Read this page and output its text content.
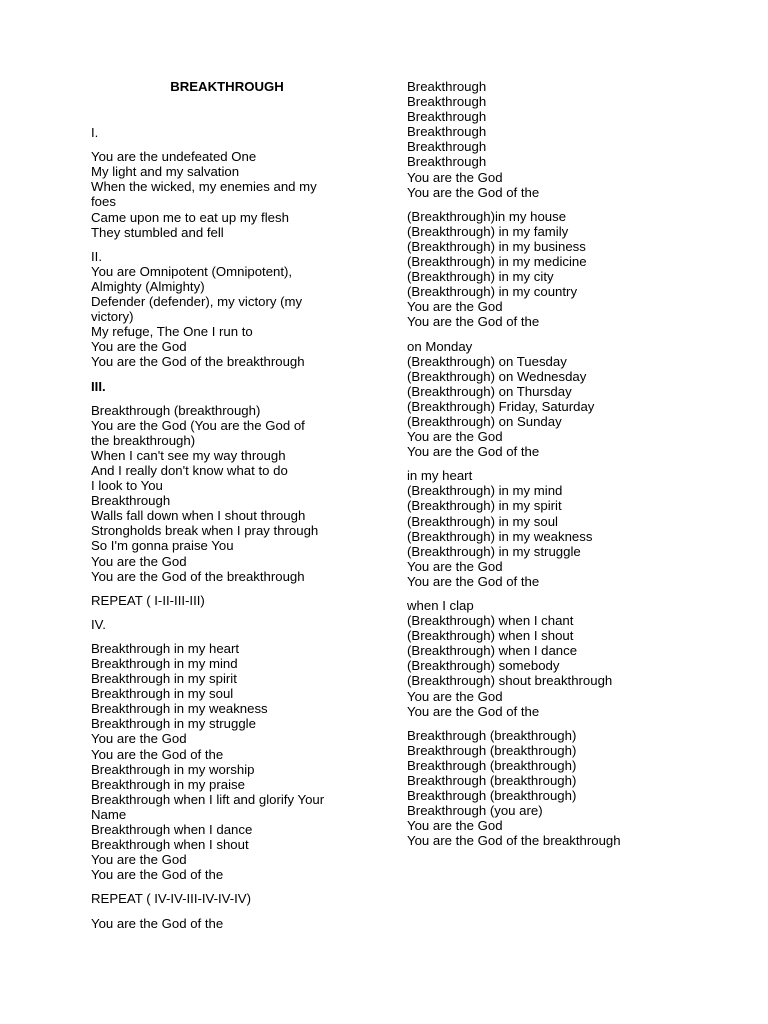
BREAKTHROUGH
I.
You are the undefeated One
My light and my salvation
When the wicked, my enemies and my
foes
Came upon me to eat up my flesh
They stumbled and fell
II.
You are Omnipotent (Omnipotent),
Almighty (Almighty)
Defender (defender), my victory (my
victory)
My refuge, The One I run to
You are the God
You are the God of the breakthrough
III.
Breakthrough (breakthrough)
You are the God (You are the God of
the breakthrough)
When I can't see my way through
And I really don't know what to do
I look to You
Breakthrough
Walls fall down when I shout through
Strongholds break when I pray through
So I'm gonna praise You
You are the God
You are the God of the breakthrough
REPEAT ( I-II-III-III)
IV.
Breakthrough in my heart
Breakthrough in my mind
Breakthrough in my spirit
Breakthrough in my soul
Breakthrough in my weakness
Breakthrough in my struggle
You are the God
You are the God of the
Breakthrough in my worship
Breakthrough in my praise
Breakthrough when I lift and glorify Your
Name
Breakthrough when I dance
Breakthrough when I shout
You are the God
You are the God of the
REPEAT ( IV-IV-III-IV-IV-IV)
You are the God of the
Breakthrough
Breakthrough
Breakthrough
Breakthrough
Breakthrough
Breakthrough
You are the God
You are the God of the
(Breakthrough)in my house
(Breakthrough) in my family
(Breakthrough) in my business
(Breakthrough) in my medicine
(Breakthrough) in my city
(Breakthrough) in my country
You are the God
You are the God of the
on Monday
(Breakthrough) on Tuesday
(Breakthrough) on Wednesday
(Breakthrough) on Thursday
(Breakthrough) Friday, Saturday
(Breakthrough) on Sunday
You are the God
You are the God of the
in my heart
(Breakthrough) in my mind
(Breakthrough) in my spirit
(Breakthrough) in my soul
(Breakthrough) in my weakness
(Breakthrough) in my struggle
You are the God
You are the God of the
when I clap
(Breakthrough) when I chant
(Breakthrough) when I shout
(Breakthrough) when I dance
(Breakthrough) somebody
(Breakthrough) shout breakthrough
You are the God
You are the God of the
Breakthrough (breakthrough)
Breakthrough (breakthrough)
Breakthrough (breakthrough)
Breakthrough (breakthrough)
Breakthrough (breakthrough)
Breakthrough (you are)
You are the God
You are the God of the breakthrough
